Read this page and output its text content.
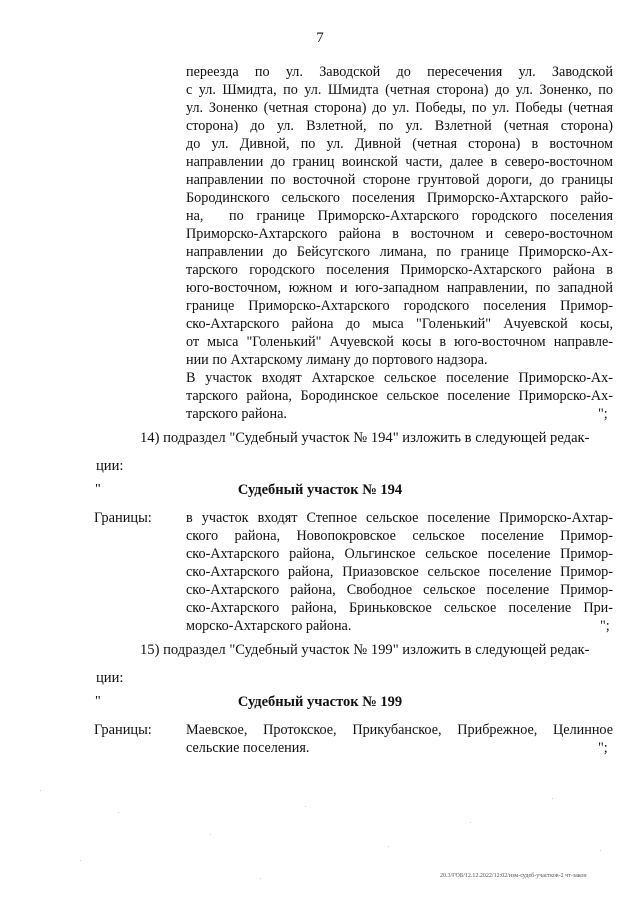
7
переезда по ул. Заводской до пересечения ул. Заводской
с ул. Шмидта, по ул. Шмидта (четная сторона) до ул. Зоненко, по
ул. Зоненко (четная сторона) до ул. Победы, по ул. Победы (четная
сторона) до ул. Взлетной, по ул. Взлетной (четная сторона)
до ул. Дивной, по ул. Дивной (четная сторона) в восточном
направлении до границ воинской части, далее в северо-восточном
направлении по восточной стороне грунтовой дороги, до границы
Бородинского сельского поселения Приморско-Ахтарского райо-
на,  по границе Приморско-Ахтарского городского поселения
Приморско-Ахтарского района в восточном и северо-восточном
направлении до Бейсугского лимана, по границе Приморско-Ах-
тарского городского поселения Приморско-Ахтарского района в
юго-восточном, южном и юго-западном направлении, по западной
границе Приморско-Ахтарского городского поселения Примор-
ско-Ахтарского района до мыса "Голенький" Ачуевской косы,
от мыса "Голенький" Ачуевской косы в юго-восточном направле-
нии по Ахтарскому лиману до портового надзора.
В участок входят Ахтарское сельское поселение Приморско-Ах-
тарского района, Бородинское сельское поселение Приморско-Ах-
тарского района.	";
14) подраздел "Судебный участок № 194" изложить в следующей редак-
ции:
"	Судебный участок № 194
Границы: в участок входят Степное сельское поселение Приморско-Ахтар-
ского района, Новопокровское сельское поселение Примор-
ско-Ахтарского района, Ольгинское сельское поселение Примор-
ско-Ахтарского района, Приазовское сельское поселение Примор-
ско-Ахтарского района, Свободное сельское поселение Примор-
ско-Ахтарского района, Бриньковское сельское поселение При-
морско-Ахтарского района.	";
15) подраздел "Судебный участок № 199" изложить в следующей редак-
ции:
"	Судебный участок № 199
Границы: Маевское, Протокское, Прикубанское, Прибрежное, Целинное
сельские поселения.	";
20.3/ГОБ/12.12.2022/12:02/изм-судеб-участков-2 чт-закон
